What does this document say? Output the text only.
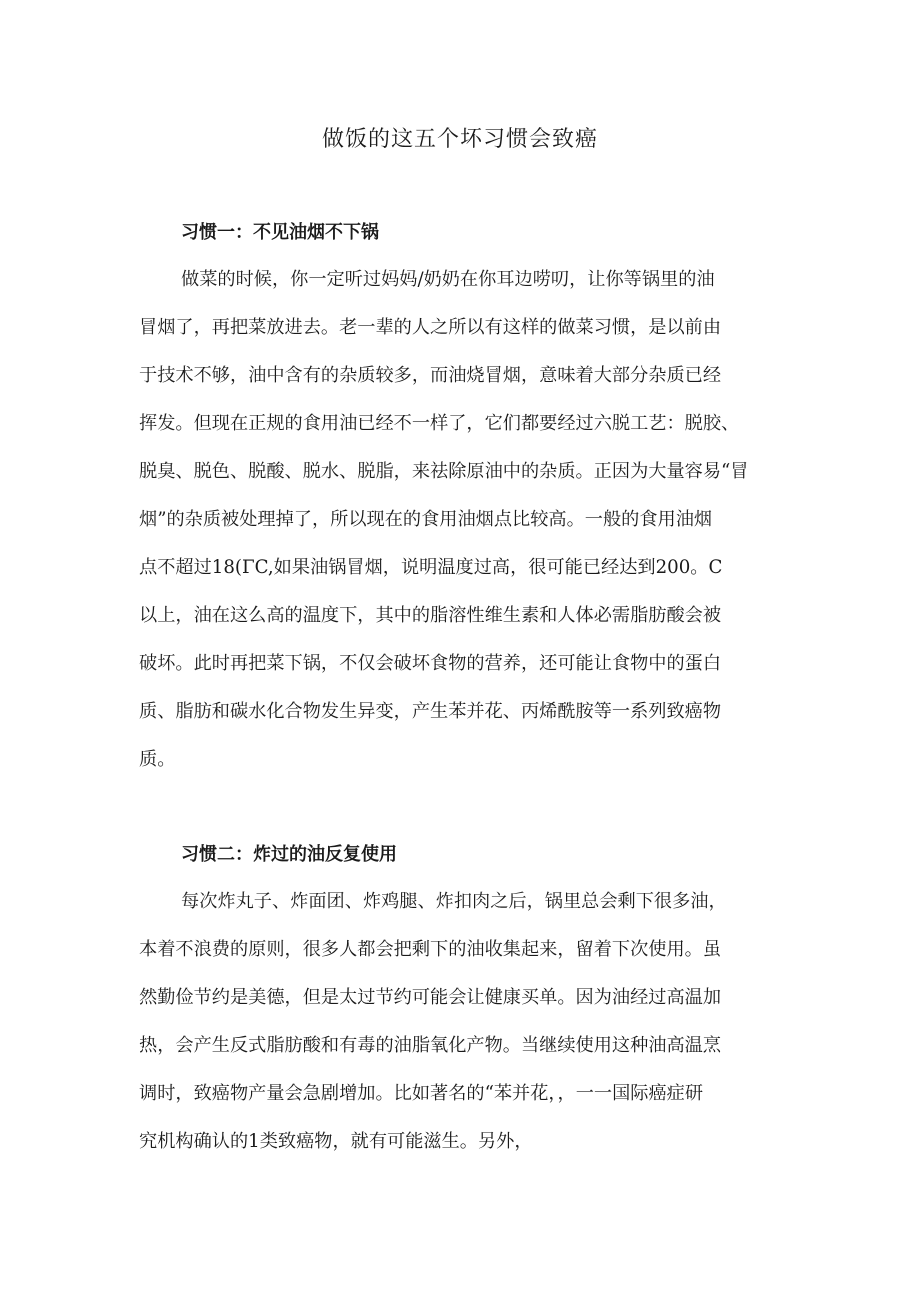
做饭的这五个坏习惯会致癌
习惯一：不见油烟不下锅

做菜的时候，你一定听过妈妈/奶奶在你耳边唠叨，让你等锅里的油

冒烟了，再把菜放进去。老一辈的人之所以有这样的做菜习惯，是以前由

于技术不够，油中含有的杂质较多，而油烧冒烟，意味着大部分杂质已经

挥发。但现在正规的食用油已经不一样了，它们都要经过六脱工艺：脱胶、

脱臭、脱色、脱酸、脱水、脱脂，来祛除原油中的杂质。正因为大量容易“冒

烟”的杂质被处理掉了，所以现在的食用油烟点比较高。一般的食用油烟

点不超过18(ΓC,如果油锅冒烟，说明温度过高，很可能已经达到200。C

以上，油在这么高的温度下，其中的脂溶性维生素和人体必需脂肪酸会被

破坏。此时再把菜下锅，不仅会破坏食物的营养，还可能让食物中的蛋白

质、脂肪和碳水化合物发生异变，产生苯并花、丙烯酰胺等一系列致癌物

质。

习惯二：炸过的油反复使用

每次炸丸子、炸面团、炸鸡腿、炸扣肉之后，锅里总会剩下很多油，

本着不浪费的原则，很多人都会把剩下的油收集起来，留着下次使用。虽

然勤俭节约是美德，但是太过节约可能会让健康买单。因为油经过高温加

热，会产生反式脂肪酸和有毒的油脂氧化产物。当继续使用这种油高温烹

调时，致癌物产量会急剧增加。比如著名的“苯并花，，一一国际癌症研

究机构确认的1类致癌物，就有可能滋生。另外，
